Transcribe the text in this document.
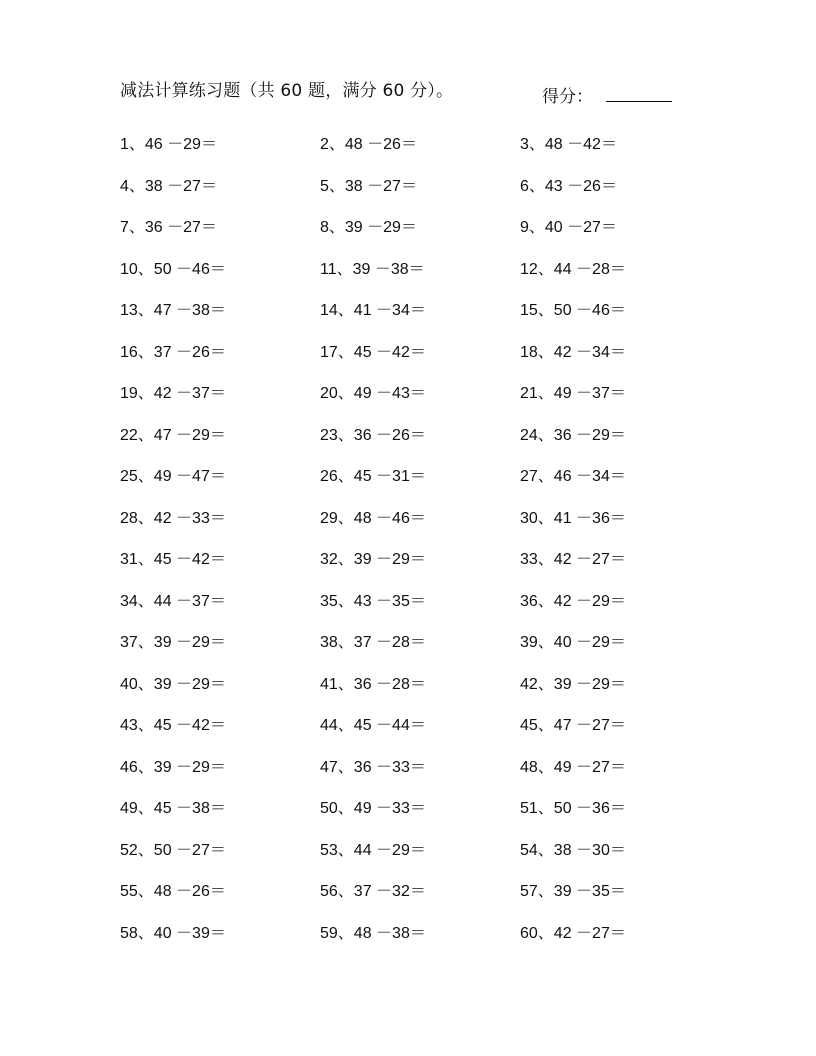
减法计算练习题（共 60 题，满分 60 分）。	得分：
1、46 －29＝	2、48 －26＝	3、48 －42＝
4、38 －27＝	5、38 －27＝	6、43 －26＝
7、36 －27＝	8、39 －29＝	9、40 －27＝
10、50 －46＝	11、39 －38＝	12、44 －28＝
13、47 －38＝	14、41 －34＝	15、50 －46＝
16、37 －26＝	17、45 －42＝	18、42 －34＝
19、42 －37＝	20、49 －43＝	21、49 －37＝
22、47 －29＝	23、36 －26＝	24、36 －29＝
25、49 －47＝	26、45 －31＝	27、46 －34＝
28、42 －33＝	29、48 －46＝	30、41 －36＝
31、45 －42＝	32、39 －29＝	33、42 －27＝
34、44 －37＝	35、43 －35＝	36、42 －29＝
37、39 －29＝	38、37 －28＝	39、40 －29＝
40、39 －29＝	41、36 －28＝	42、39 －29＝
43、45 －42＝	44、45 －44＝	45、47 －27＝
46、39 －29＝	47、36 －33＝	48、49 －27＝
49、45 －38＝	50、49 －33＝	51、50 －36＝
52、50 －27＝	53、44 －29＝	54、38 －30＝
55、48 －26＝	56、37 －32＝	57、39 －35＝
58、40 －39＝	59、48 －38＝	60、42 －27＝
